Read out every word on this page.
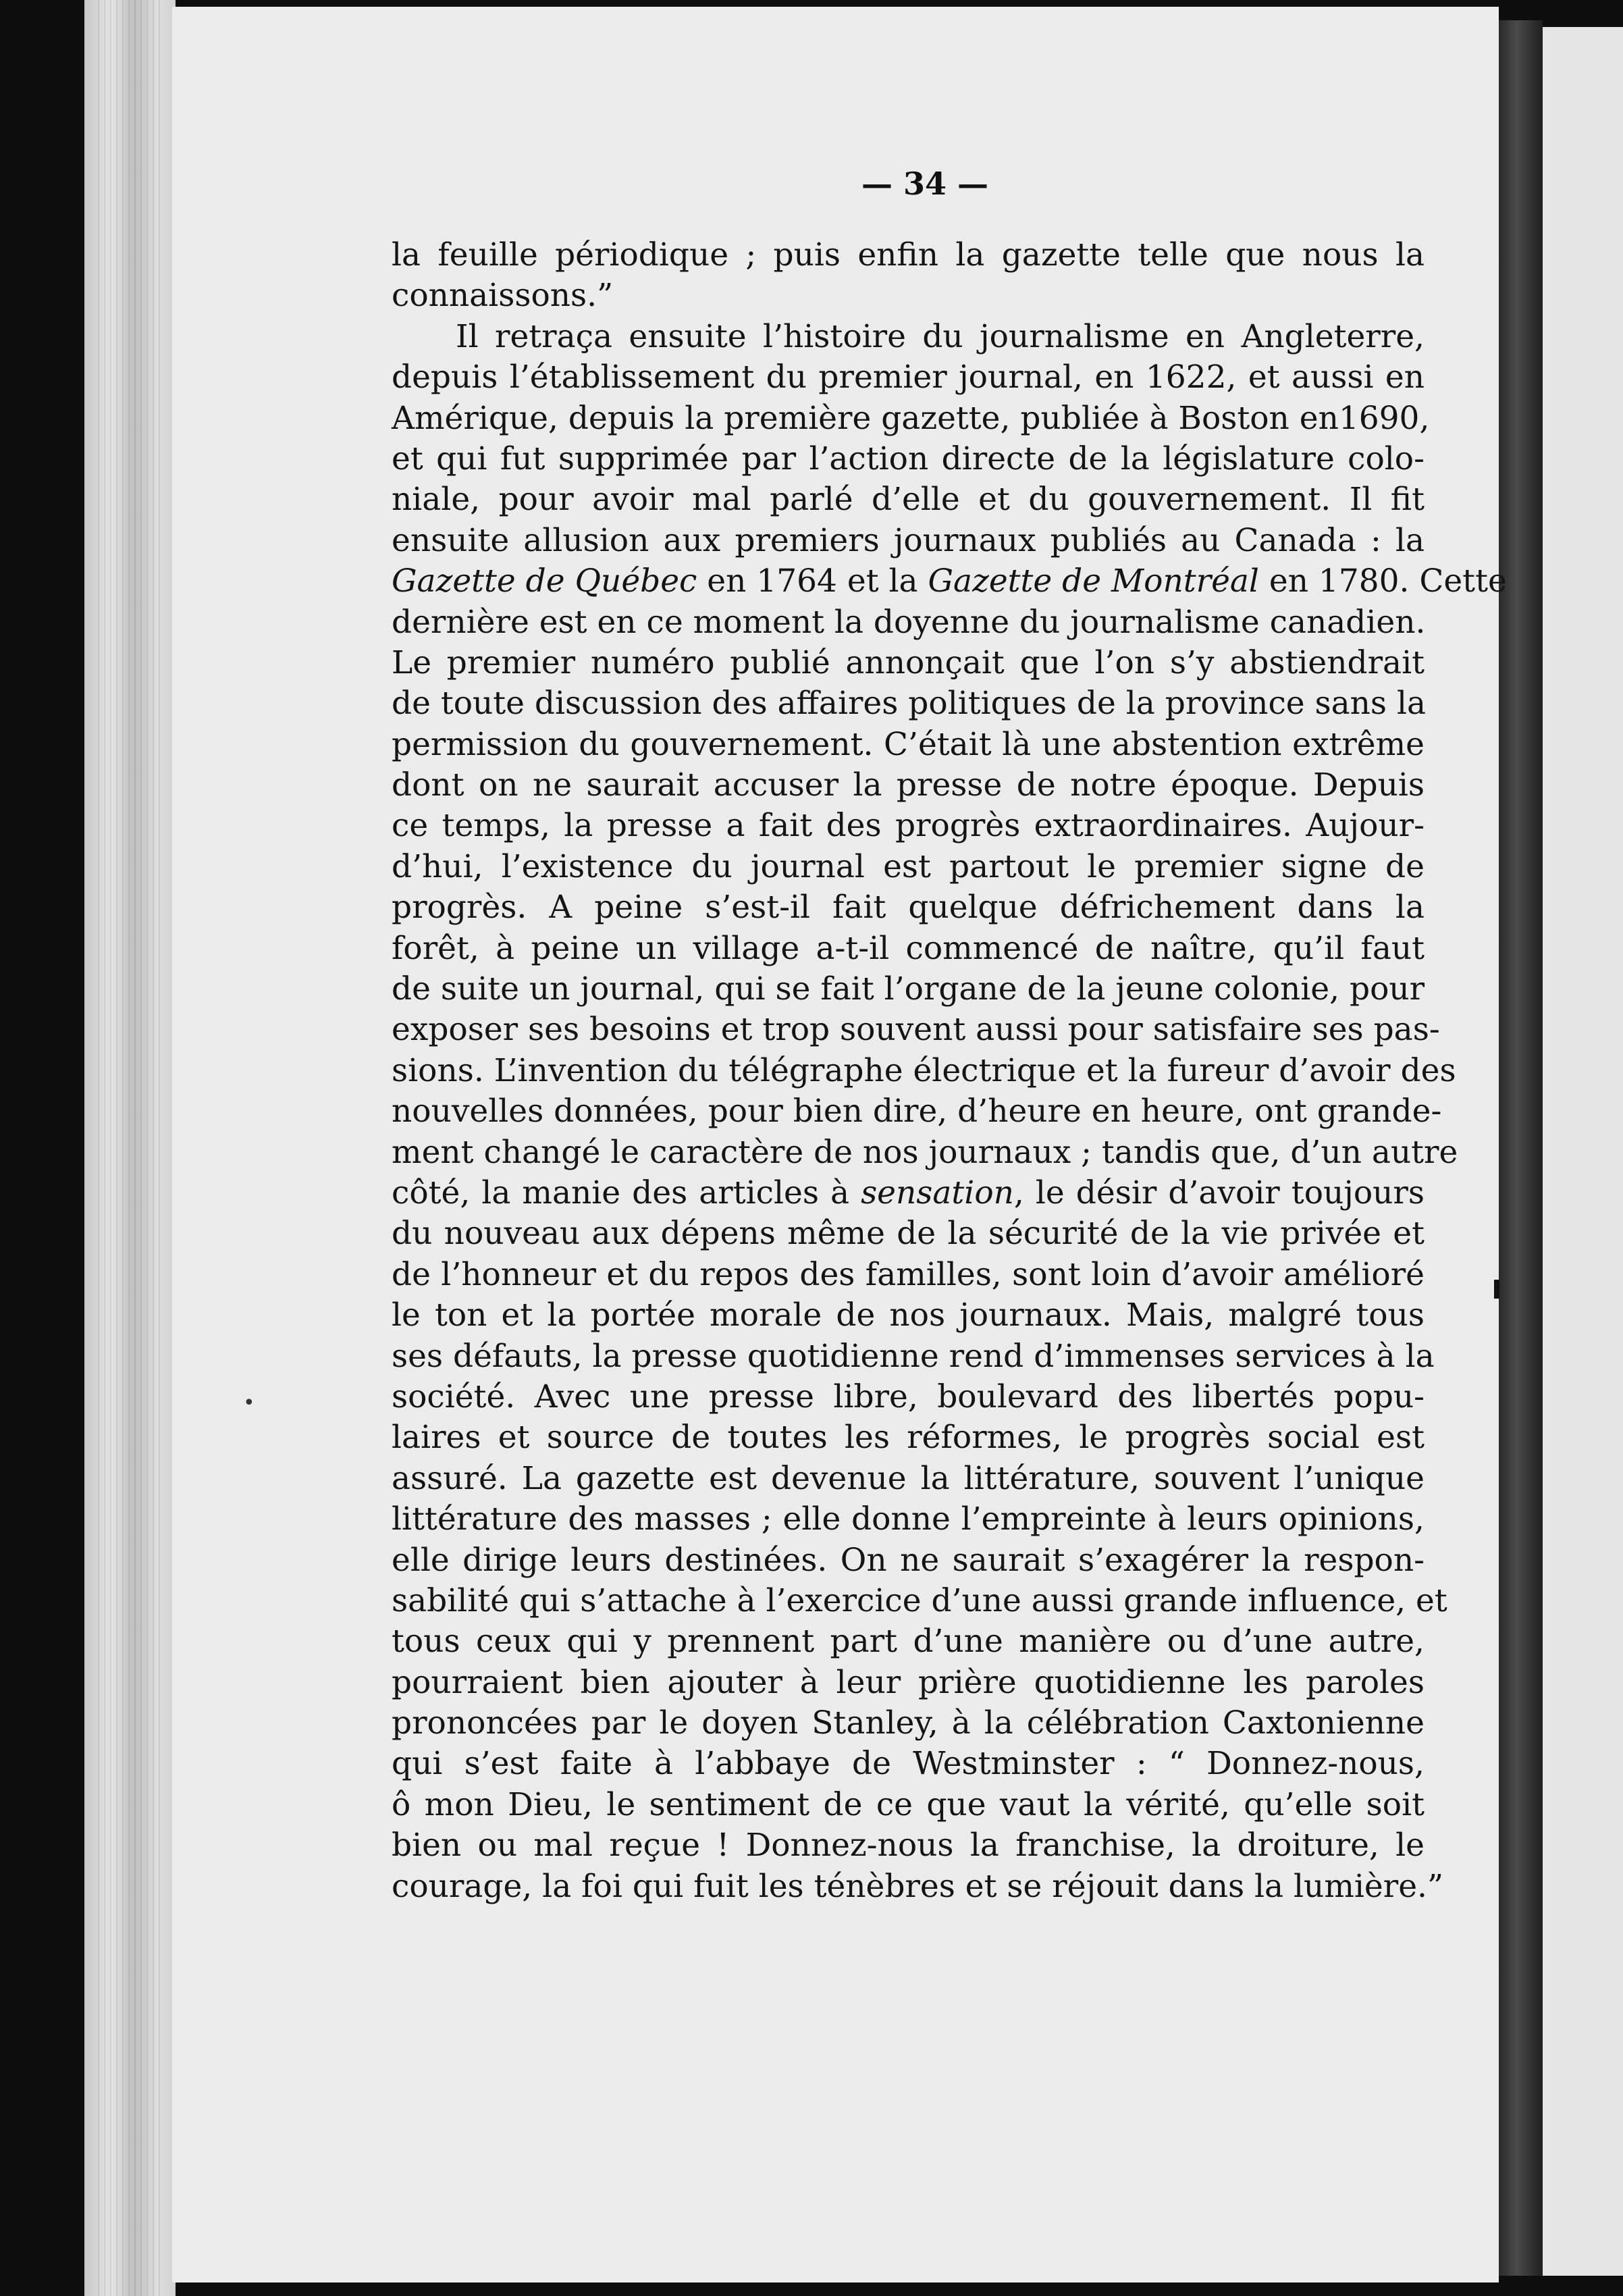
— 34 —
la feuille périodique ; puis enfin la gazette telle que nous la
connaissons.”
Il retraça ensuite l’histoire du journalisme en Angleterre,
depuis l’établissement du premier journal, en 1622, et aussi en
Amérique, depuis la première gazette, publiée à Boston en1690,
et qui fut supprimée par l’action directe de la législature colo-
niale, pour avoir mal parlé d’elle et du gouvernement. Il fit
ensuite allusion aux premiers journaux publiés au Canada : la
Gazette de Québec en 1764 et la Gazette de Montréal en 1780. Cette
dernière est en ce moment la doyenne du journalisme canadien.
Le premier numéro publié annonçait que l’on s’y abstiendrait
de toute discussion des affaires politiques de la province sans la
permission du gouvernement. C’était là une abstention extrême
dont on ne saurait accuser la presse de notre époque. Depuis
ce temps, la presse a fait des progrès extraordinaires. Aujour-
d’hui, l’existence du journal est partout le premier signe de
progrès. A peine s’est-il fait quelque défrichement dans la
forêt, à peine un village a-t-il commencé de naître, qu’il faut
de suite un journal, qui se fait l’organe de la jeune colonie, pour
exposer ses besoins et trop souvent aussi pour satisfaire ses pas-
sions. L’invention du télégraphe électrique et la fureur d’avoir des
nouvelles données, pour bien dire, d’heure en heure, ont grande-
ment changé le caractère de nos journaux ; tandis que, d’un autre
côté, la manie des articles à sensation, le désir d’avoir toujours
du nouveau aux dépens même de la sécurité de la vie privée et
de l’honneur et du repos des familles, sont loin d’avoir amélioré
le ton et la portée morale de nos journaux. Mais, malgré tous
ses défauts, la presse quotidienne rend d’immenses services à la
société. Avec une presse libre, boulevard des libertés popu-
laires et source de toutes les réformes, le progrès social est
assuré. La gazette est devenue la littérature, souvent l’unique
littérature des masses ; elle donne l’empreinte à leurs opinions,
elle dirige leurs destinées. On ne saurait s’exagérer la respon-
sabilité qui s’attache à l’exercice d’une aussi grande influence, et
tous ceux qui y prennent part d’une manière ou d’une autre,
pourraient bien ajouter à leur prière quotidienne les paroles
prononcées par le doyen Stanley, à la célébration Caxtonienne
qui s’est faite à l’abbaye de Westminster : “ Donnez-nous,
ô mon Dieu, le sentiment de ce que vaut la vérité, qu’elle soit
bien ou mal reçue ! Donnez-nous la franchise, la droiture, le
courage, la foi qui fuit les ténèbres et se réjouit dans la lumière.”
•
